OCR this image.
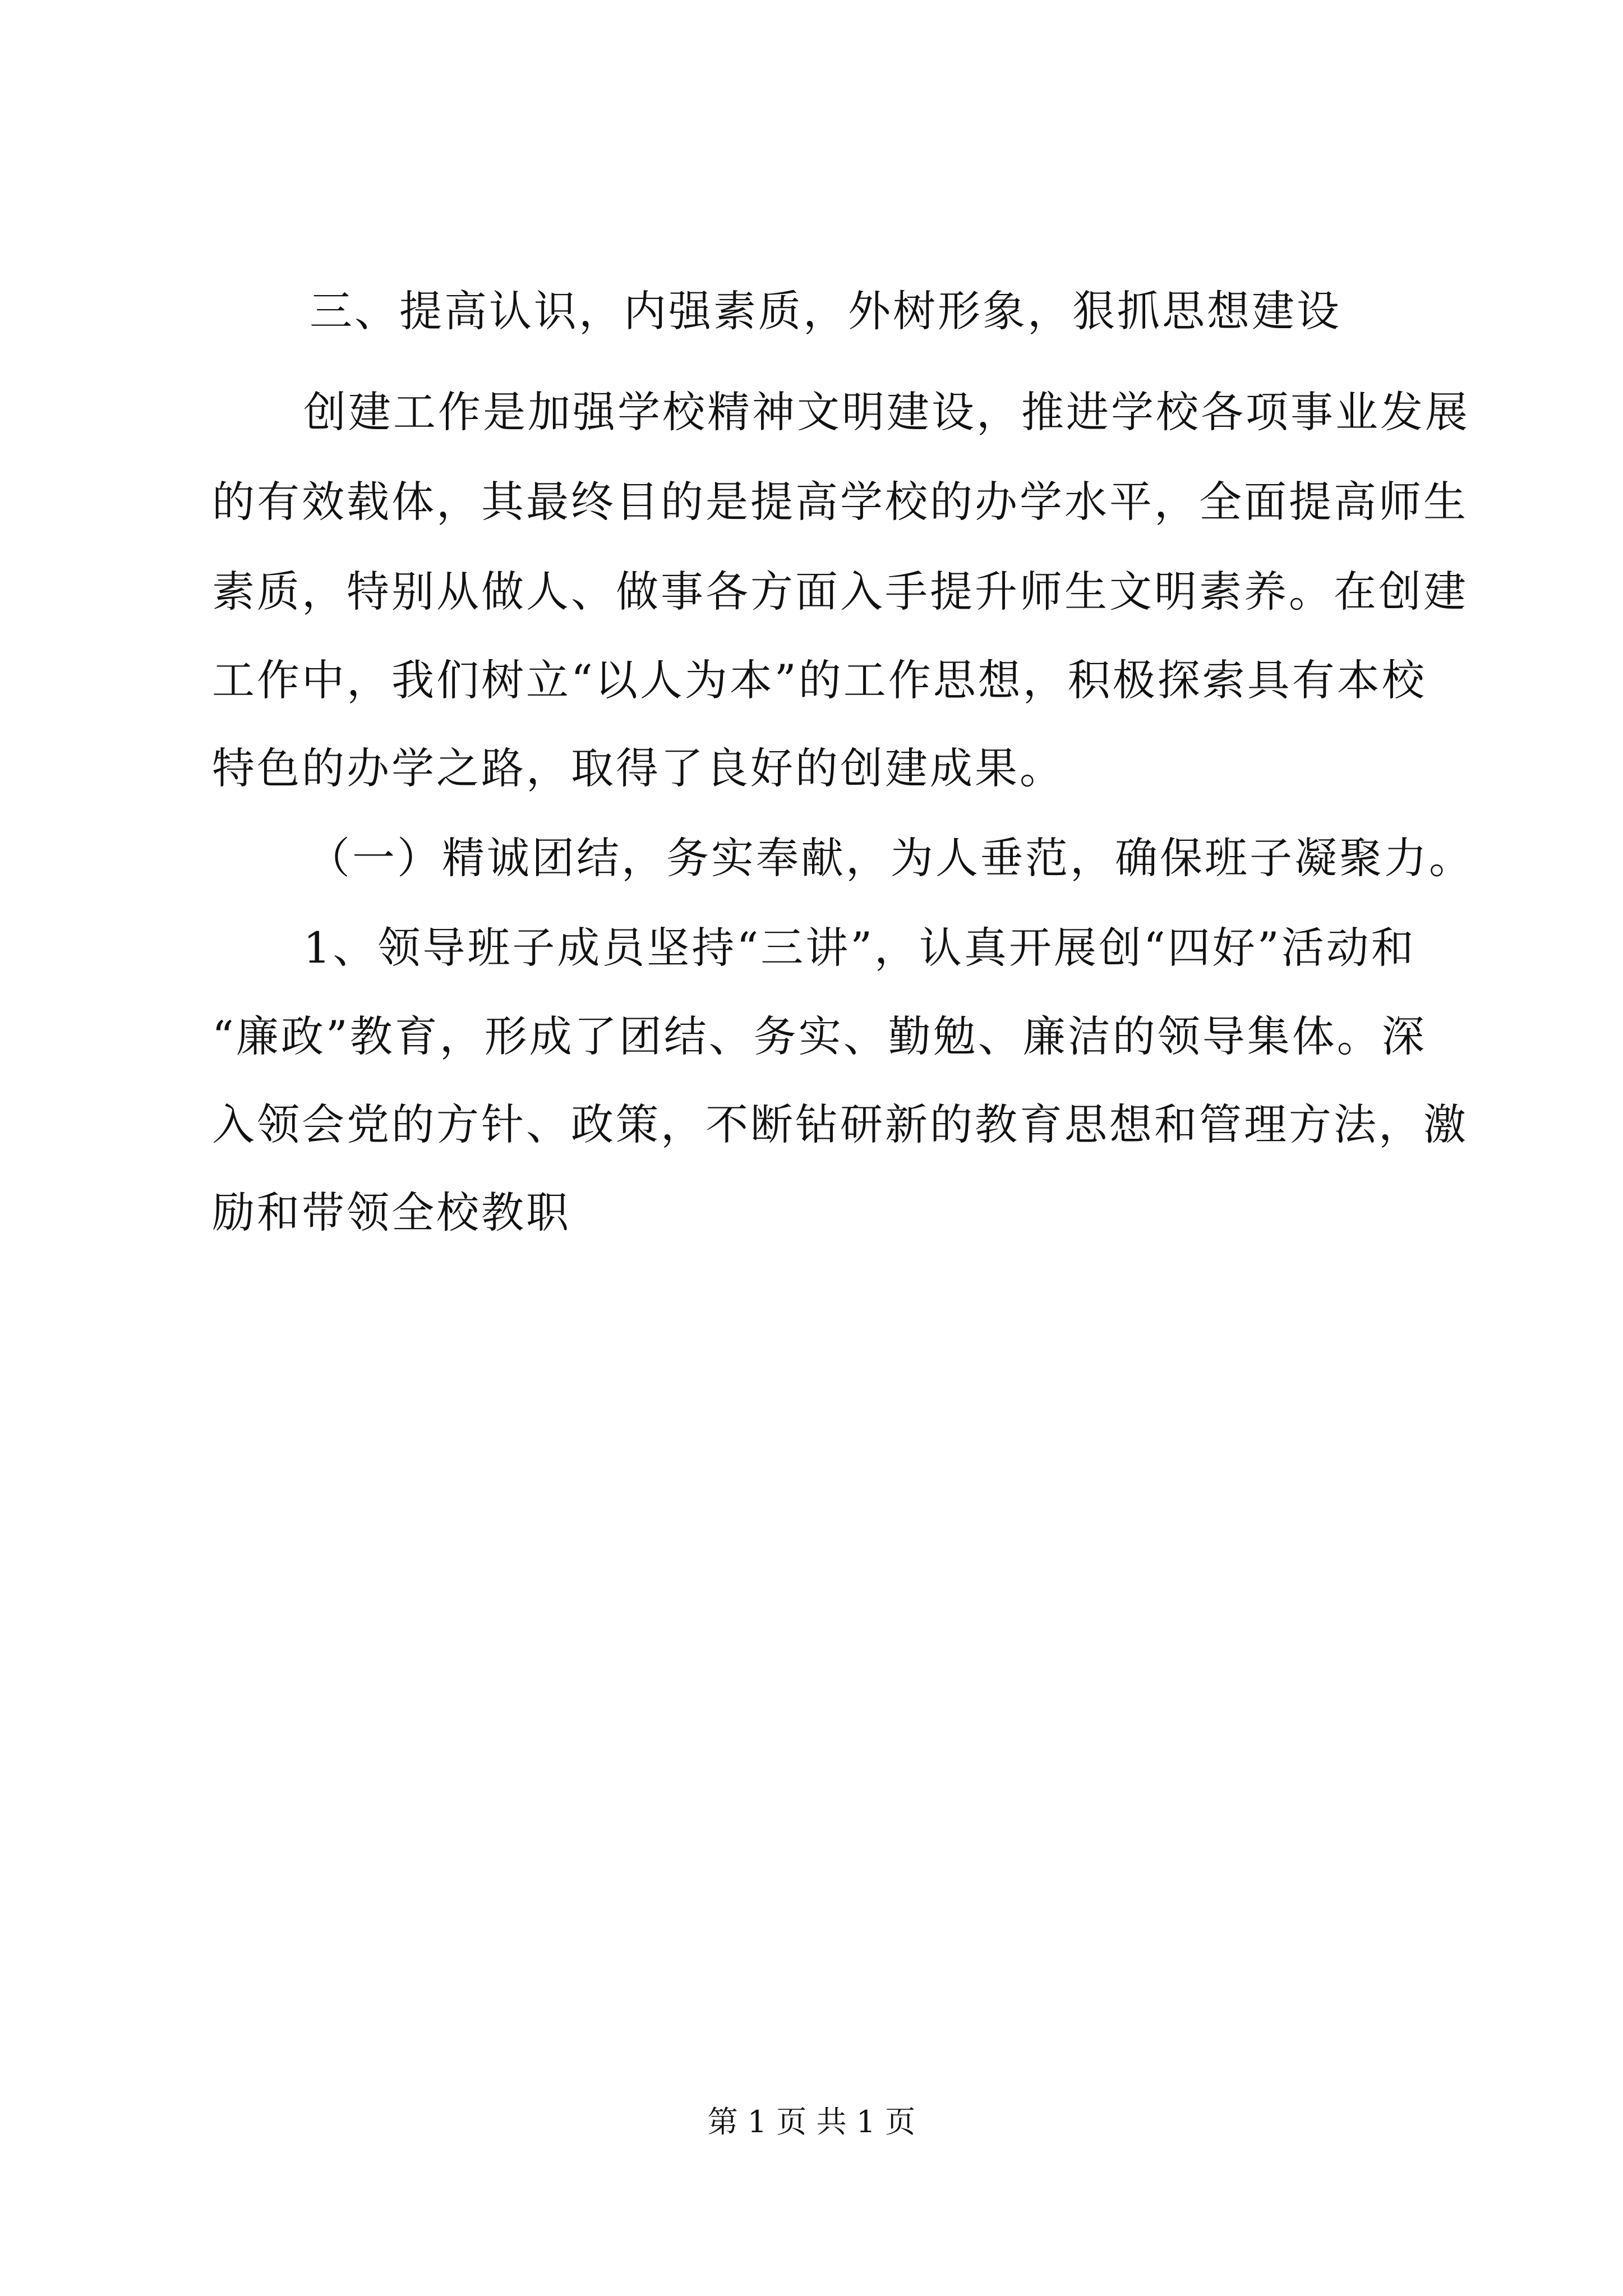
三、提高认识，内强素质，外树形象，狠抓思想建设
创建工作是加强学校精神文明建设，推进学校各项事业发展
的有效载体，其最终目的是提高学校的办学水平，全面提高师生
素质，特别从做人、做事各方面入手提升师生文明素养。在创建
工作中，我们树立“以人为本”的工作思想，积极探索具有本校
特色的办学之路，取得了良好的创建成果。
（一）精诚团结，务实奉献，为人垂范，确保班子凝聚力。
1、领导班子成员坚持“三讲”，认真开展创“四好”活动和
“廉政”教育，形成了团结、务实、勤勉、廉洁的领导集体。深
入领会党的方针、政策，不断钻研新的教育思想和管理方法，激
励和带领全校教职
第 1 页 共 1 页
